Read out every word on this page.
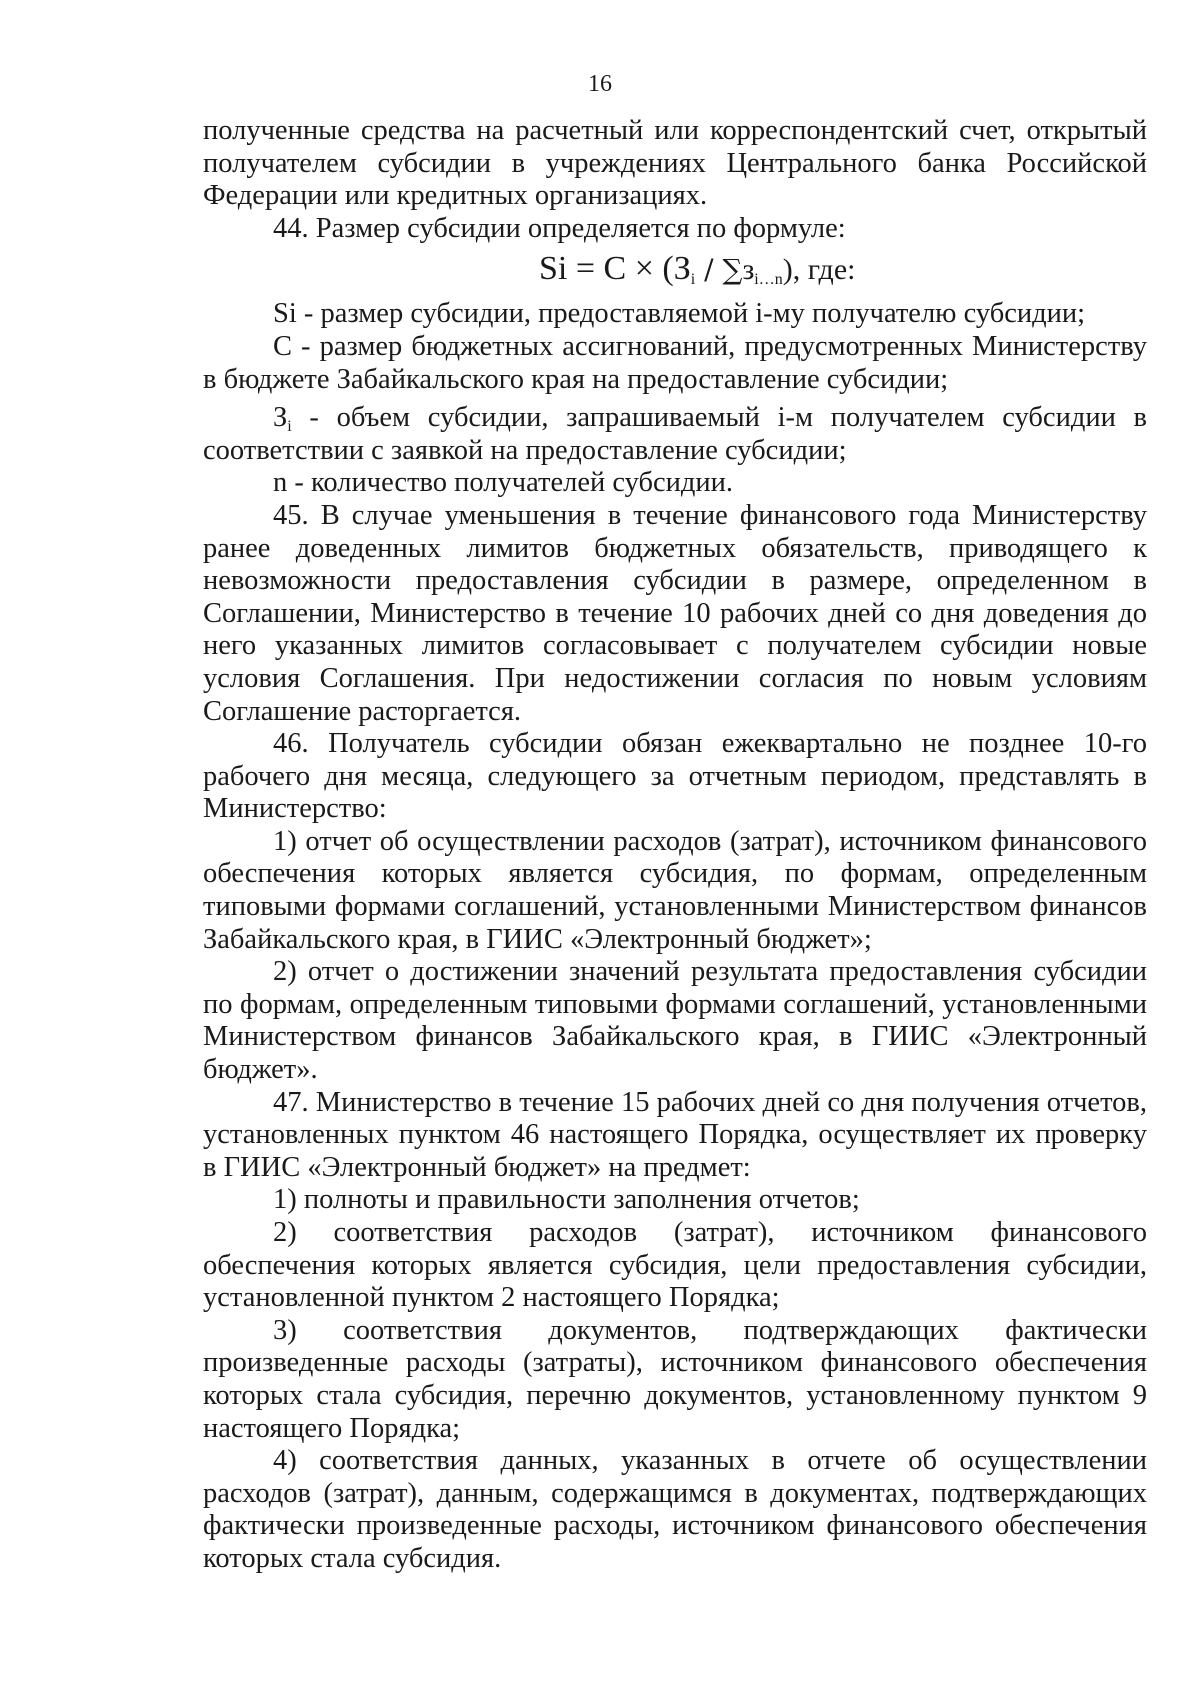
16

полученные средства на расчетный или корреспондентский счет, открытый получателем субсидии в учреждениях Центрального банка Российской Федерации или кредитных организациях.

44. Размер субсидии определяется по формуле:

$Si = С \times (З_i / \sum з_{i\dots n})$, где:

Si - размер субсидии, предоставляемой i-му получателю субсидии;

С - размер бюджетных ассигнований, предусмотренных Министерству в бюджете Забайкальского края на предоставление субсидии;

$З_i$ - объем субсидии, запрашиваемый i-м получателем субсидии в соответствии с заявкой на предоставление субсидии;

n - количество получателей субсидии.

45. В случае уменьшения в течение финансового года Министерству ранее доведенных лимитов бюджетных обязательств, приводящего к невозможности предоставления субсидии в размере, определенном в Соглашении, Министерство в течение 10 рабочих дней со дня доведения до него указанных лимитов согласовывает с получателем субсидии новые условия Соглашения. При недостижении согласия по новым условиям Соглашение расторгается.

46. Получатель субсидии обязан ежеквартально не позднее 10-го рабочего дня месяца, следующего за отчетным периодом, представлять в Министерство:

1) отчет об осуществлении расходов (затрат), источником финансового обеспечения которых является субсидия, по формам, определенным типовыми формами соглашений, установленными Министерством финансов Забайкальского края, в ГИИС «Электронный бюджет»;

2) отчет о достижении значений результата предоставления субсидии по формам, определенным типовыми формами соглашений, установленными Министерством финансов Забайкальского края, в ГИИС «Электронный бюджет».

47. Министерство в течение 15 рабочих дней со дня получения отчетов, установленных пунктом 46 настоящего Порядка, осуществляет их проверку в ГИИС «Электронный бюджет» на предмет:

1) полноты и правильности заполнения отчетов;

2) соответствия расходов (затрат), источником финансового обеспечения которых является субсидия, цели предоставления субсидии, установленной пунктом 2 настоящего Порядка;

3) соответствия документов, подтверждающих фактически произведенные расходы (затраты), источником финансового обеспечения которых стала субсидия, перечню документов, установленному пунктом 9 настоящего Порядка;

4) соответствия данных, указанных в отчете об осуществлении расходов (затрат), данным, содержащимся в документах, подтверждающих фактически произведенные расходы, источником финансового обеспечения которых стала субсидия.
